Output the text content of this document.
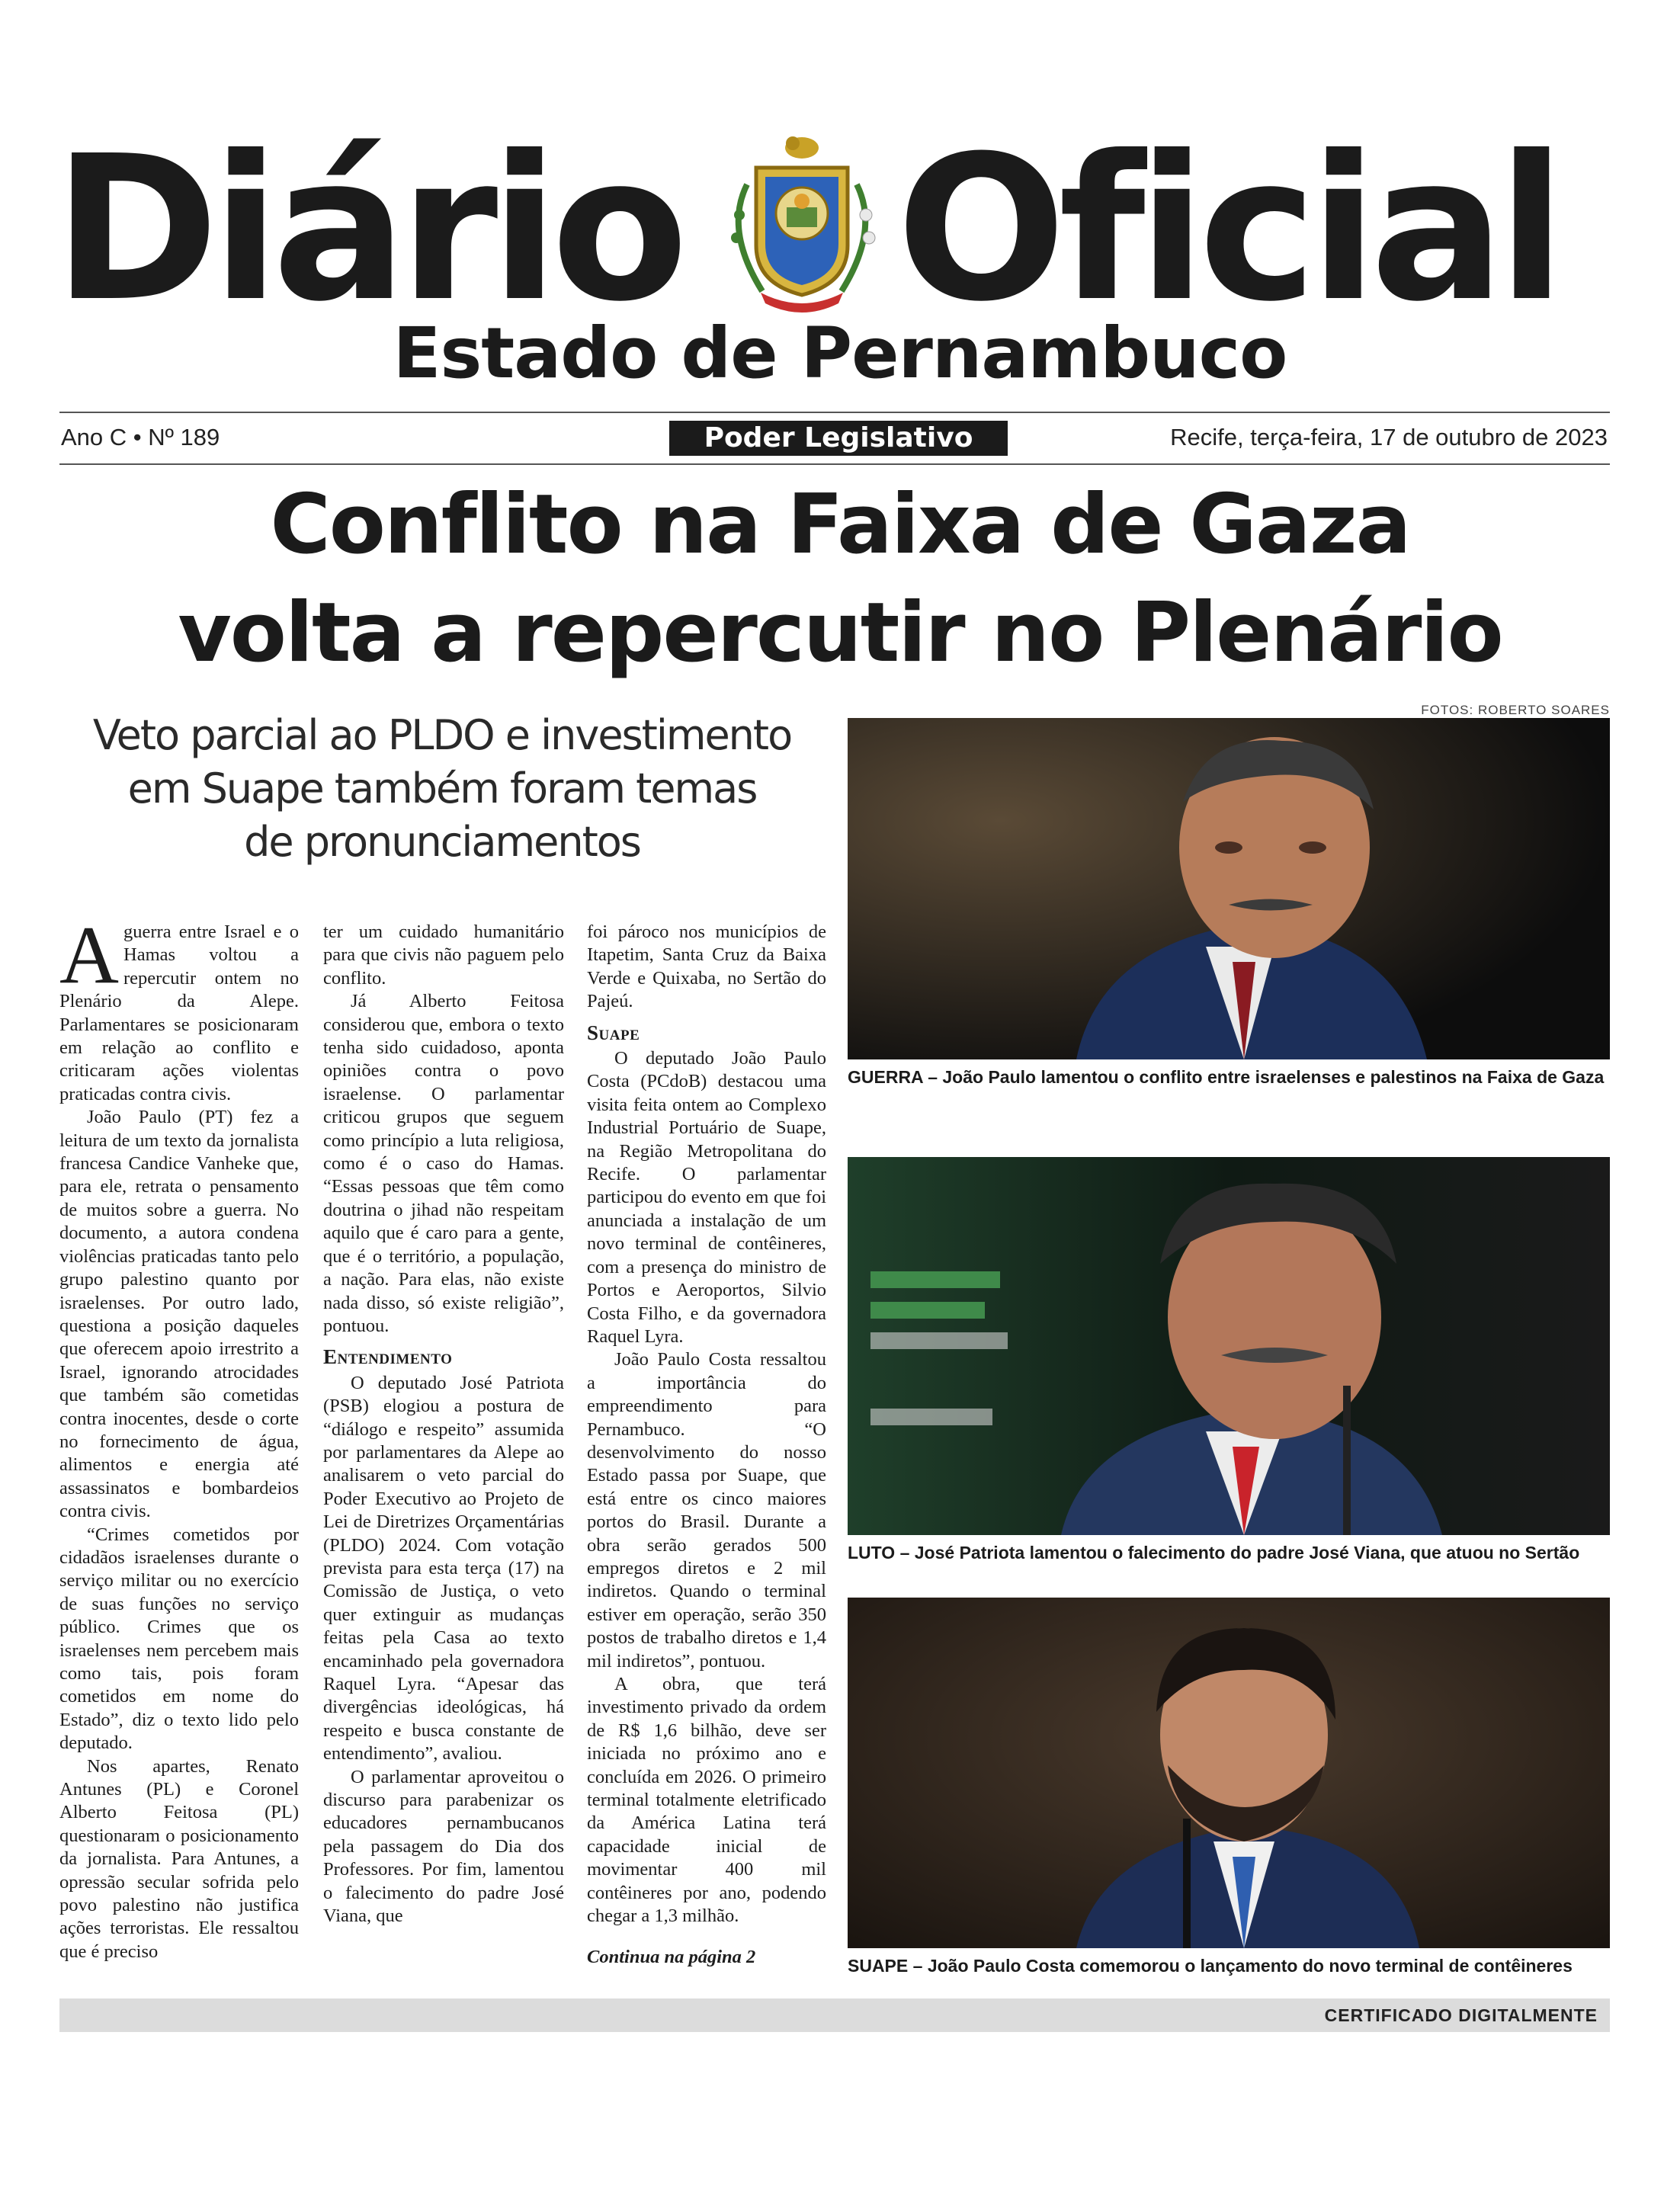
Diário Oficial
Estado de Pernambuco
Ano C • Nº 189	Poder Legislativo	Recife, terça-feira, 17 de outubro de 2023
Conflito na Faixa de Gaza
volta a repercutir no Plenário
Veto parcial ao PLDO e investimento
em Suape também foram temas
de pronunciamentos

Aguerra entre Israel e o Hamas voltou a repercutir ontem no Plenário da Alepe. Parlamentares se posicionaram em relação ao conflito e criticaram ações violentas praticadas contra civis.

João Paulo (PT) fez a leitura de um texto da jornalista francesa Candice Vanheke que, para ele, retrata o pensamento de muitos sobre a guerra. No documento, a autora condena violências praticadas tanto pelo grupo palestino quanto por israelenses. Por outro lado, questiona a posição daqueles que oferecem apoio irrestrito a Israel, ignorando atrocidades que também são cometidas contra inocentes, desde o corte no fornecimento de água, alimentos e energia até assassinatos e bombardeios contra civis.

“Crimes cometidos por cidadãos israelenses durante o serviço militar ou no exercício de suas funções no serviço público. Crimes que os israelenses nem percebem mais como tais, pois foram cometidos em nome do Estado”, diz o texto lido pelo deputado.

Nos apartes, Renato Antunes (PL) e Coronel Alberto Feitosa (PL) questionaram o posicionamento da jornalista. Para Antunes, a opressão secular sofrida pelo povo palestino não justifica ações terroristas. Ele ressaltou que é preciso

ter um cuidado humanitário para que civis não paguem pelo conflito.

Já Alberto Feitosa considerou que, embora o texto tenha sido cuidadoso, aponta opiniões contra o povo israelense. O parlamentar criticou grupos que seguem como princípio a luta religiosa, como é o caso do Hamas. “Essas pessoas que têm como doutrina o jihad não respeitam aquilo que é caro para a gente, que é o território, a população, a nação. Para elas, não existe nada disso, só existe religião”, pontuou.

Entendimento

O deputado José Patriota (PSB) elogiou a postura de “diálogo e respeito” assumida por parlamentares da Alepe ao analisarem o veto parcial do Poder Executivo ao Projeto de Lei de Diretrizes Orçamentárias (PLDO) 2024. Com votação prevista para esta terça (17) na Comissão de Justiça, o veto quer extinguir as mudanças feitas pela Casa ao texto encaminhado pela governadora Raquel Lyra. “Apesar das divergências ideológicas, há respeito e busca constante de entendimento”, avaliou.

O parlamentar aproveitou o discurso para parabenizar os educadores pernambucanos pela passagem do Dia dos Professores. Por fim, lamentou o falecimento do padre José Viana, que

foi pároco nos municípios de Itapetim, Santa Cruz da Baixa Verde e Quixaba, no Sertão do Pajeú.

Suape

O deputado João Paulo Costa (PCdoB) destacou uma visita feita ontem ao Complexo Industrial Portuário de Suape, na Região Metropolitana do Recife. O parlamentar participou do evento em que foi anunciada a instalação de um novo terminal de contêineres, com a presença do ministro de Portos e Aeroportos, Silvio Costa Filho, e da governadora Raquel Lyra.

João Paulo Costa ressaltou a importância do empreendimento para Pernambuco. “O desenvolvimento do nosso Estado passa por Suape, que está entre os cinco maiores portos do Brasil. Durante a obra serão gerados 500 empregos diretos e 2 mil indiretos. Quando o terminal estiver em operação, serão 350 postos de trabalho diretos e 1,4 mil indiretos”, pontuou.

A obra, que terá investimento privado da ordem de R$ 1,6 bilhão, deve ser iniciada no próximo ano e concluída em 2026. O primeiro terminal totalmente eletrificado da América Latina terá capacidade inicial de movimentar 400 mil contêineres por ano, podendo chegar a 1,3 milhão.

Continua na página 2

FOTOS: ROBERTO SOARES
GUERRA – João Paulo lamentou o conflito entre israelenses e palestinos na Faixa de Gaza
LUTO – José Patriota lamentou o falecimento do padre José Viana, que atuou no Sertão
SUAPE – João Paulo Costa comemorou o lançamento do novo terminal de contêineres
CERTIFICADO DIGITALMENTE
